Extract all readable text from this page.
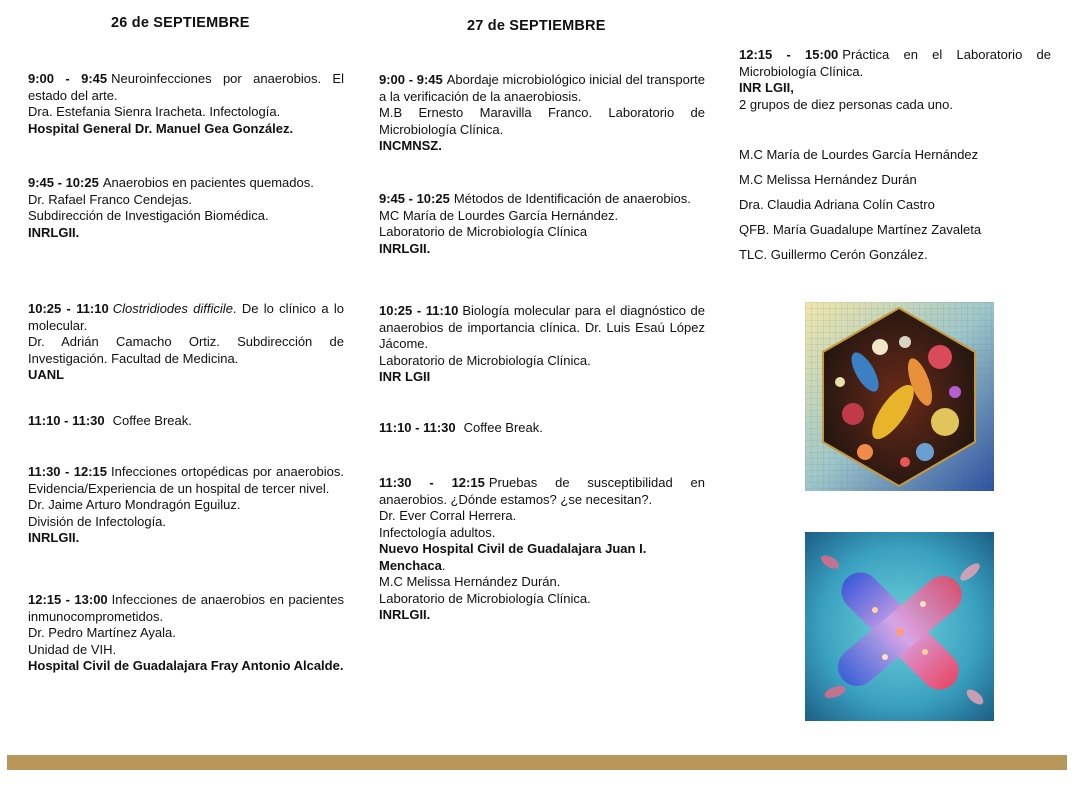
26 de SEPTIEMBRE
9:00 - 9:45 Neuroinfecciones por anaerobios. El estado del arte.
Dra. Estefania Sienra Iracheta. Infectología.
Hospital General Dr. Manuel Gea González.
9:45 - 10:25 Anaerobios en pacientes quemados.
Dr. Rafael Franco Cendejas.
Subdirección de Investigación Biomédica.
INRLGII.
10:25 - 11:10 Clostridiodes difficile. De lo clínico a lo molecular.
Dr. Adrián Camacho Ortiz. Subdirección de Investigación. Facultad de Medicina.
UANL
11:10 - 11:30 Coffee Break.
11:30 - 12:15 Infecciones ortopédicas por anaerobios. Evidencia/Experiencia de un hospital de tercer nivel.
Dr. Jaime Arturo Mondragón Eguiluz.
División de Infectología.
INRLGII.
12:15 - 13:00 Infecciones de anaerobios en pacientes inmunocomprometidos.
Dr. Pedro Martínez Ayala.
Unidad de VIH.
Hospital Civil de Guadalajara Fray Antonio Alcalde.
27 de SEPTIEMBRE
9:00 - 9:45 Abordaje microbiológico inicial del transporte a la verificación de la anaerobiosis.
M.B Ernesto Maravilla Franco. Laboratorio de Microbiología Clínica.
INCMNSZ.
9:45 - 10:25 Métodos de Identificación de anaerobios.
MC María de Lourdes García Hernández.
Laboratorio de Microbiología Clínica
INRLGII.
10:25 - 11:10 Biología molecular para el diagnóstico de anaerobios de importancia clínica. Dr. Luis Esaú López Jácome.
Laboratorio de Microbiología Clínica.
INR LGII
11:10 - 11:30 Coffee Break.
11:30 - 12:15 Pruebas de susceptibilidad en anaerobios. ¿Dónde estamos? ¿se necesitan?.
Dr. Ever Corral Herrera.
Infectología adultos.
Nuevo Hospital Civil de Guadalajara Juan I. Menchaca.
M.C Melissa Hernández Durán.
Laboratorio de Microbiología Clínica.
INRLGII.
12:15 - 15:00 Práctica en el Laboratorio de Microbiología Clínica.
INR LGII,
2 grupos de diez personas cada uno.
M.C María de Lourdes García Hernández
M.C Melissa Hernández Durán
Dra. Claudia Adriana Colín Castro
QFB. María Guadalupe Martínez Zavaleta
TLC. Guillermo Cerón González.
